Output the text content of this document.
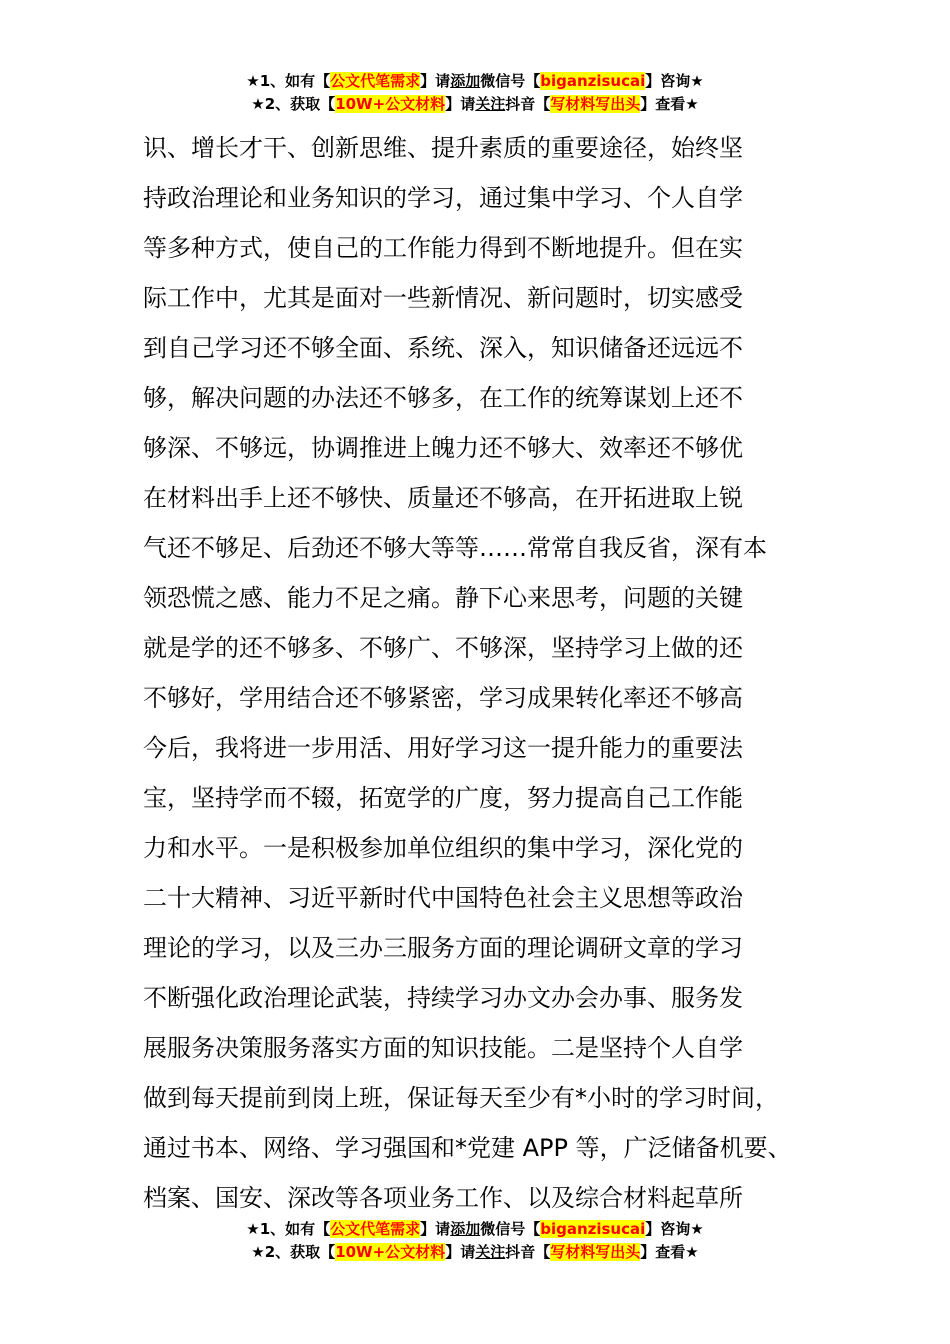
★1、如有【公文代笔需求】请添加微信号【biganzisucai】咨询★
★2、获取【10W+公文材料】请关注抖音【写材料写出头】查看★
识、增长才干、创新思维、提升素质的重要途径，始终坚
持政治理论和业务知识的学习，通过集中学习、个人自学
等多种方式，使自己的工作能力得到不断地提升。但在实
际工作中，尤其是面对一些新情况、新问题时，切实感受
到自己学习还不够全面、系统、深入，知识储备还远远不
够，解决问题的办法还不够多，在工作的统筹谋划上还不
够深、不够远，协调推进上魄力还不够大、效率还不够优
在材料出手上还不够快、质量还不够高，在开拓进取上锐
气还不够足、后劲还不够大等等……常常自我反省，深有本
领恐慌之感、能力不足之痛。静下心来思考，问题的关键
就是学的还不够多、不够广、不够深，坚持学习上做的还
不够好，学用结合还不够紧密，学习成果转化率还不够高
今后，我将进一步用活、用好学习这一提升能力的重要法
宝，坚持学而不辍，拓宽学的广度，努力提高自己工作能
力和水平。一是积极参加单位组织的集中学习，深化党的
二十大精神、习近平新时代中国特色社会主义思想等政治
理论的学习，以及三办三服务方面的理论调研文章的学习
不断强化政治理论武装，持续学习办文办会办事、服务发
展服务决策服务落实方面的知识技能。二是坚持个人自学
做到每天提前到岗上班，保证每天至少有*小时的学习时间，
通过书本、网络、学习强国和*党建 APP 等，广泛储备机要、
档案、国安、深改等各项业务工作、以及综合材料起草所
★1、如有【公文代笔需求】请添加微信号【biganzisucai】咨询★
★2、获取【10W+公文材料】请关注抖音【写材料写出头】查看★
